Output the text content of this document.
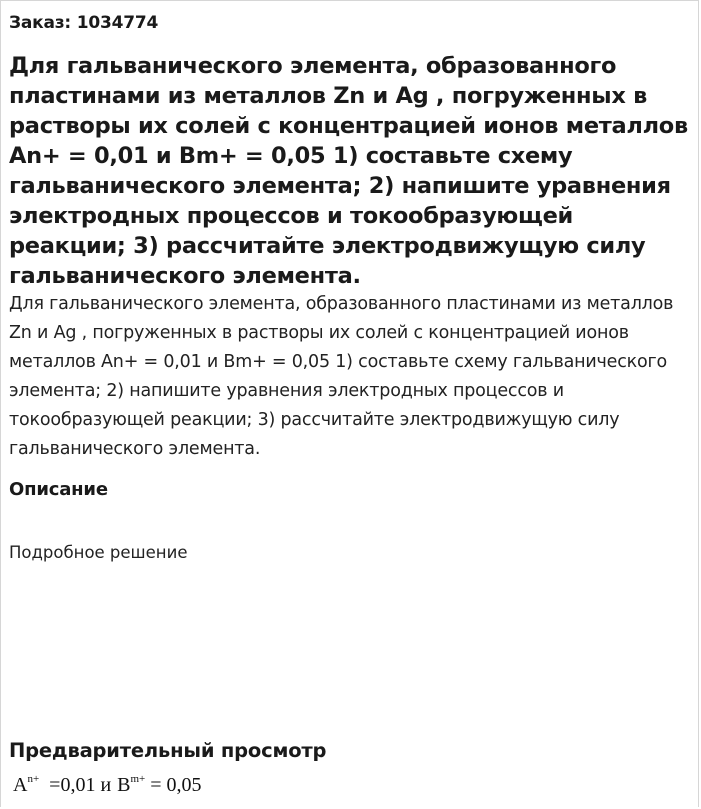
Заказ: 1034774
Для гальванического элемента, образованного пластинами из металлов Zn и Ag , погруженных в растворы их солей с концентрацией ионов металлов An+ = 0,01 и Bm+ = 0,05 1) составьте схему гальванического элемента; 2) напишите уравнения электродных процессов и токообразующей реакции; 3) рассчитайте электродвижущую силу гальванического элемента.

Для гальванического элемента, образованного пластинами из металлов Zn и Ag , погруженных в растворы их солей с концентрацией ионов металлов An+ = 0,01 и Bm+ = 0,05 1) составьте схему гальванического элемента; 2) напишите уравнения электродных процессов и токообразующей реакции; 3) рассчитайте электродвижущую силу гальванического элемента.

Описание
Подробное решение
Предварительный просмотр
$A^{n+} =0,01$ и $B^{m+} = 0,05$
